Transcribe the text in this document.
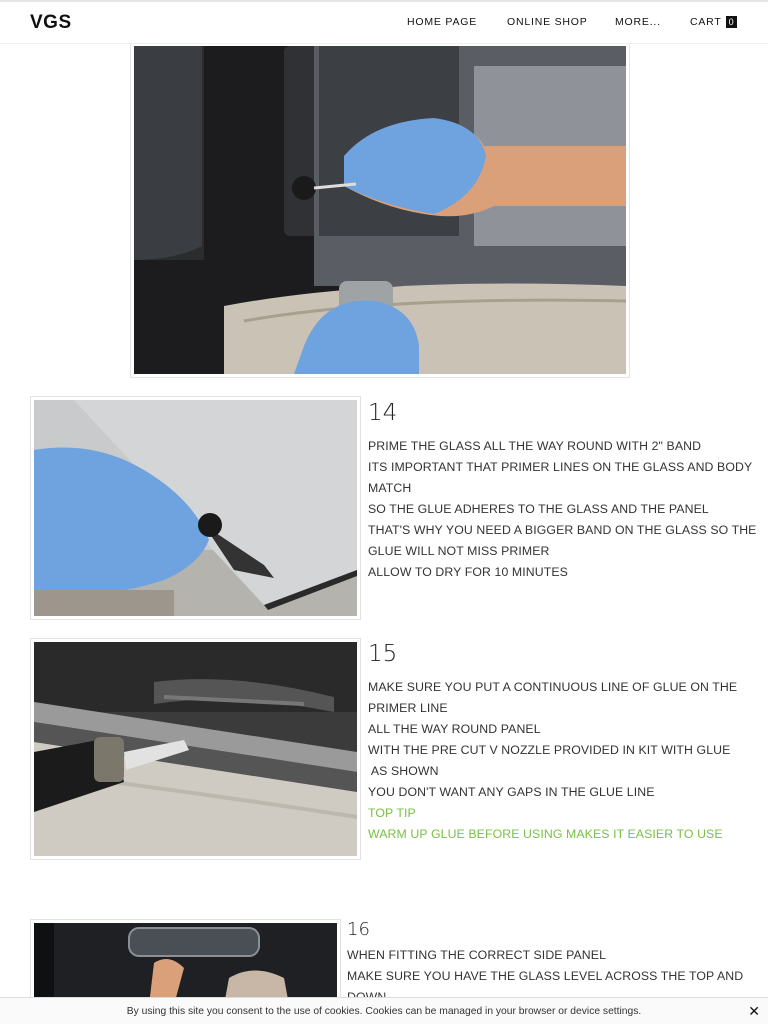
VGS	HOME PAGE	ONLINE SHOP	MORE...	CART 0
14
PRIME THE GLASS ALL THE WAY ROUND WITH 2" BAND
ITS IMPORTANT THAT PRIMER LINES ON THE GLASS AND BODY
MATCH
SO THE GLUE ADHERES TO THE GLASS AND THE PANEL
THAT'S WHY YOU NEED A BIGGER BAND ON THE GLASS SO THE
GLUE WILL NOT MISS PRIMER
ALLOW TO DRY FOR 10 MINUTES
15
MAKE SURE YOU PUT A CONTINUOUS LINE OF GLUE ON THE
PRIMER LINE
ALL THE WAY ROUND PANEL
WITH THE PRE CUT V NOZZLE PROVIDED IN KIT WITH GLUE
AS SHOWN
YOU DON'T WANT ANY GAPS IN THE GLUE LINE
TOP TIP
WARM UP GLUE BEFORE USING MAKES IT EASIER TO USE
16
WHEN FITTING THE CORRECT SIDE PANEL
MAKE SURE YOU HAVE THE GLASS LEVEL ACROSS THE TOP AND
By using this site you consent to the use of cookies. Cookies can be managed in your browser or device settings.	✕
